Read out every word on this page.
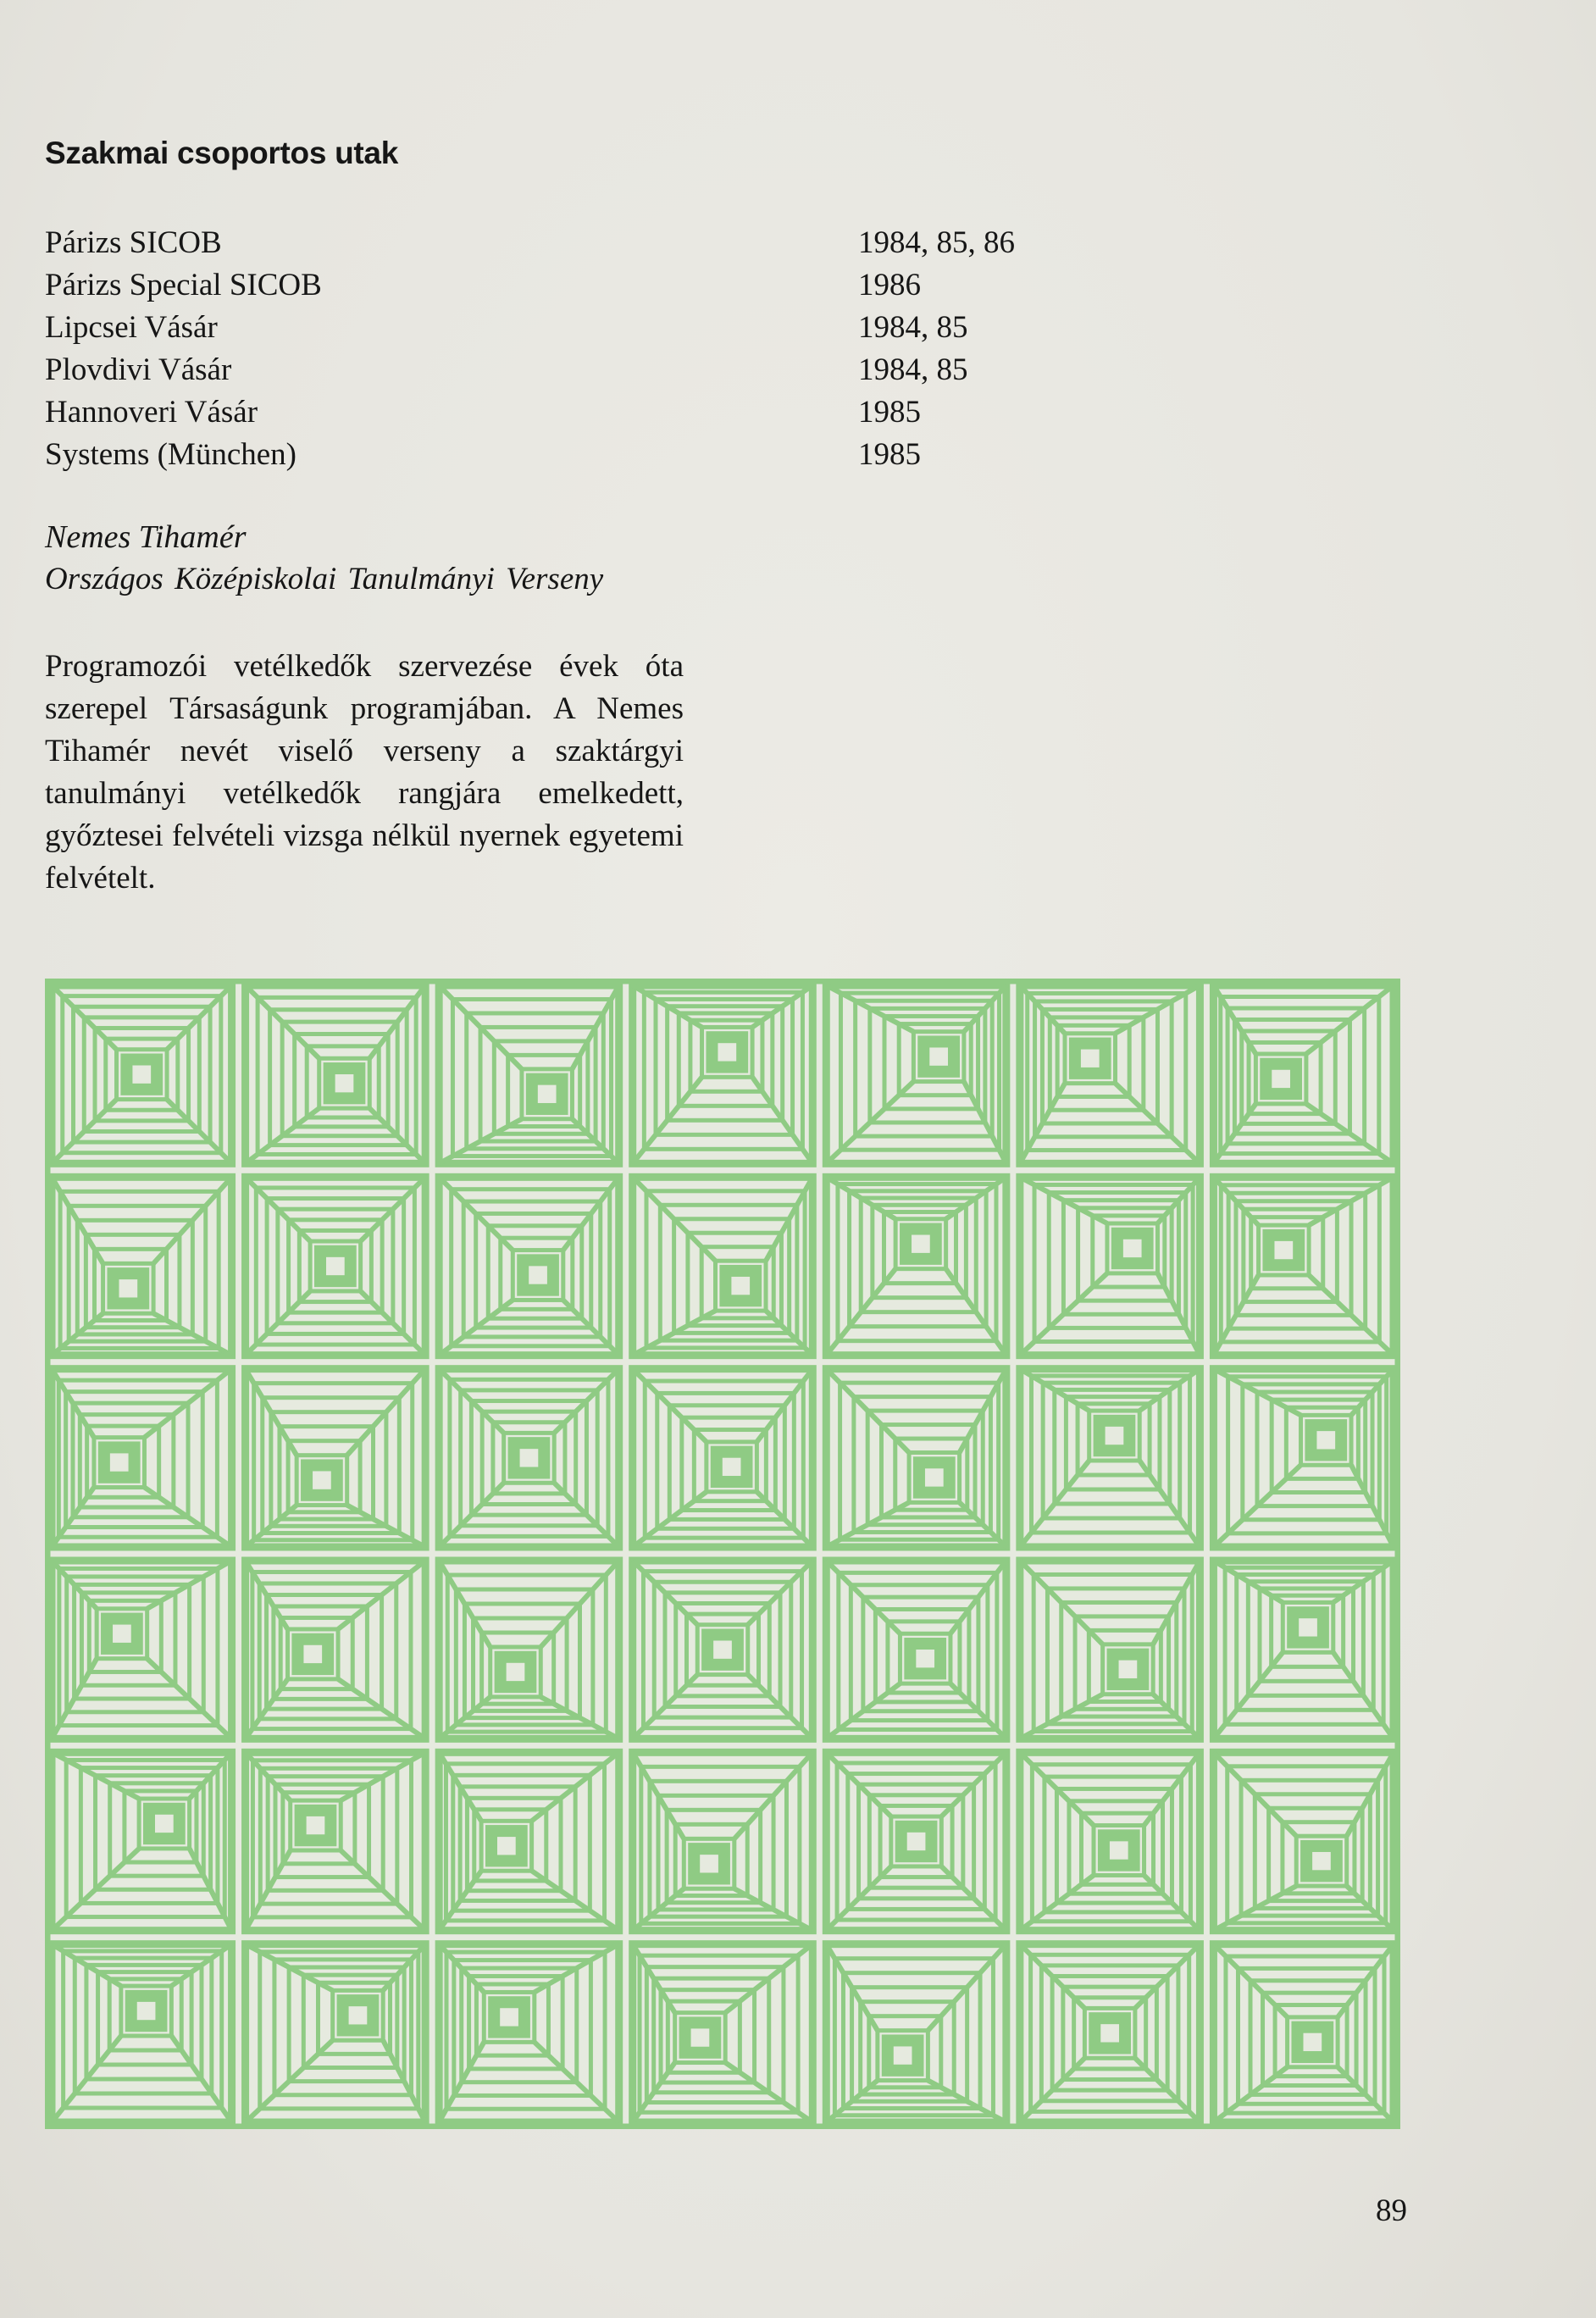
Szakmai csoportos utak
Párizs SICOB	1984, 85, 86
Párizs Special SICOB	1986
Lipcsei Vásár	1984, 85
Plovdivi Vásár	1984, 85
Hannoveri Vásár	1985
Systems (München)	1985
Nemes Tihamér
Országos Középiskolai Tanulmányi Verseny
Programozói vetélkedők szervezése évek óta szerepel Társaságunk programjában. A Nemes Tihamér nevét viselő verseny a szaktárgyi tanulmányi vetélkedők rangjára emelkedett, győztesei felvételi vizsga nélkül nyernek egyetemi felvételt.
89
